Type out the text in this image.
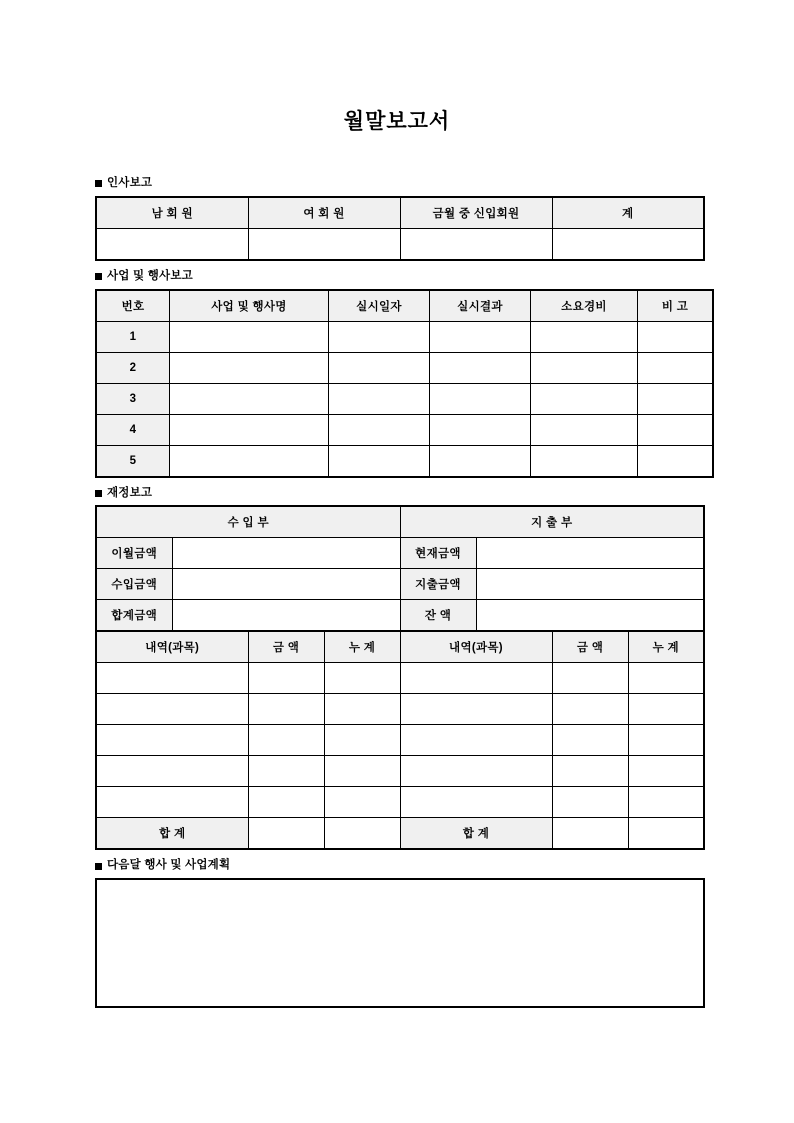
월말보고서
인사보고
남 회 원	여 회 원	금월 중 신입회원	계

사업 및 행사보고
번호	사업 및 행사명	실시일자	실시결과	소요경비	비 고
1					
2					
3					
4					
5					
재정보고
수 입 부				지 출 부			
이월금액				현재금액			
수입금액				지출금액			
합계금액				잔 액			
내역(과목)		금 액	누 계	내역(과목)		금 액	누 계

합 계				합 계			
다음달 행사 및 사업계획
